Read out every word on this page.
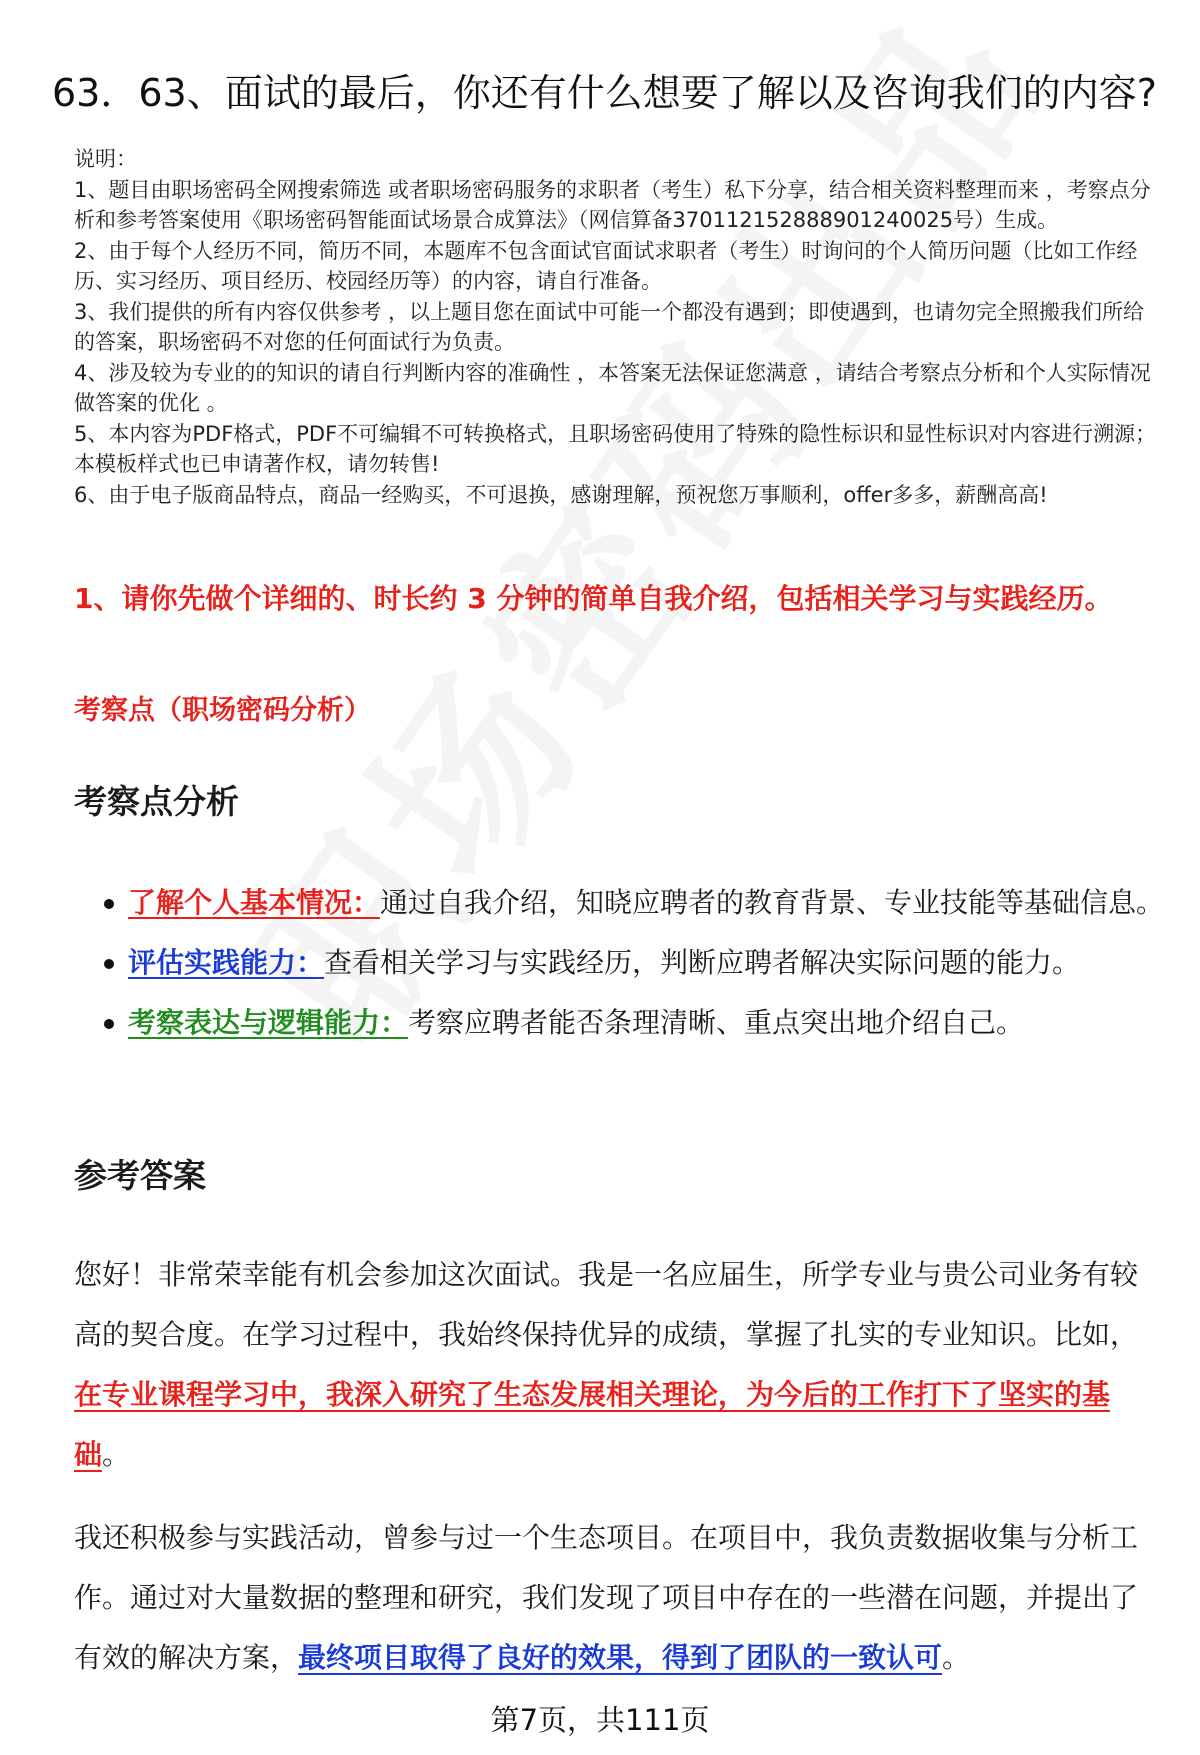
63．63、面试的最后，你还有什么想要了解以及咨询我们的内容?

说明：

1、题目由职场密码全网搜索筛选 或者职场密码服务的求职者（考生）私下分享，结合相关资料整理而来 ，考察点分析和参考答案使用《职场密码智能面试场景合成算法》（网信算备370112152888901240025号）生成。

2、由于每个人经历不同，简历不同，本题库不包含面试官面试求职者（考生）时询问的个人简历问题（比如工作经历、实习经历、项目经历、校园经历等）的内容，请自行准备。

3、我们提供的所有内容仅供参考 ，以上题目您在面试中可能一个都没有遇到；即使遇到，也请勿完全照搬我们所给的答案，职场密码不对您的任何面试行为负责。

4、涉及较为专业的的知识的请自行判断内容的准确性 ，本答案无法保证您满意 ，请结合考察点分析和个人实际情况做答案的优化 。

5、本内容为PDF格式，PDF不可编辑不可转换格式，且职场密码使用了特殊的隐性标识和显性标识对内容进行溯源；本模板样式也已申请著作权，请勿转售!

6、由于电子版商品特点，商品一经购买，不可退换，感谢理解，预祝您万事顺利，offer多多，薪酬高高!

1、请你先做个详细的、时长约 3 分钟的简单自我介绍，包括相关学习与实践经历。

考察点（职场密码分析）

考察点分析
了解个人基本情况：通过自我介绍，知晓应聘者的教育背景、专业技能等基础信息。
评估实践能力：查看相关学习与实践经历，判断应聘者解决实际问题的能力。
考察表达与逻辑能力：考察应聘者能否条理清晰、重点突出地介绍自己。
参考答案

您好！非常荣幸能有机会参加这次面试。我是一名应届生，所学专业与贵公司业务有较高的契合度。在学习过程中，我始终保持优异的成绩，掌握了扎实的专业知识。比如，在专业课程学习中，我深入研究了生态发展相关理论，为今后的工作打下了坚实的基础。

我还积极参与实践活动，曾参与过一个生态项目。在项目中，我负责数据收集与分析工作。通过对大量数据的整理和研究，我们发现了项目中存在的一些潜在问题，并提出了有效的解决方案，最终项目取得了良好的效果，得到了团队的一致认可。

第7页，共111页
